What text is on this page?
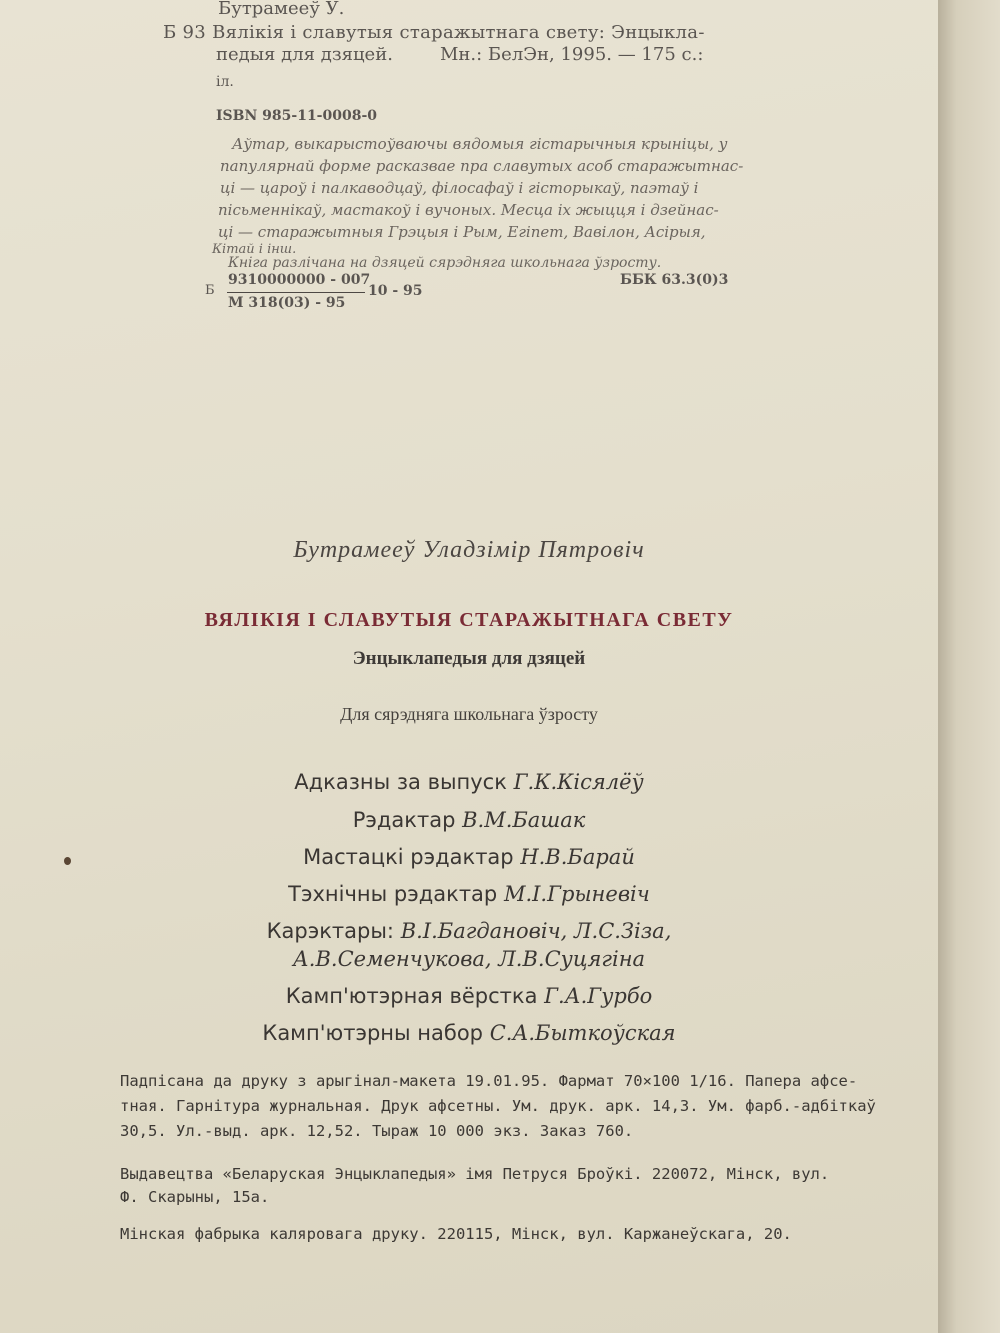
Бутрамееў У.
Б 93 Вялікія і славутыя старажытнага свету: Энцыкла-
педыя для дзяцей.	Мн.: БелЭн, 1995. — 175 с.:
іл.
ISBN 985-11-0008-0
Аўтар, выкарыстоўваючы вядомыя гістарычныя крыніцы, у
папулярнай форме расказвае пра славутых асоб старажытнас-
ці — цароў і палкаводцаў, філосафаў і гісторыкаў, паэтаў і
пісьменнікаў, мастакоў і вучоных. Месца іх жыцця і дзейнас-
ці — старажытныя Грэцыя і Рым, Егіпет, Вавілон, Асірыя,
Кітай і інш.
Кніга разлічана на дзяцей сярэдняга школьнага ўзросту.
Б
9310000000 - 007
М 318(03) - 95
10 - 95
ББК 63.3(0)3
Бутрамееў Уладзімір Пятровіч
ВЯЛІКІЯ І СЛАВУТЫЯ СТАРАЖЫТНАГА СВЕТУ
Энцыклапедыя для дзяцей
Для сярэдняга школьнага ўзросту
Адказны за выпуск Г.К.Кісялёў
Рэдактар В.М.Башак
Мастацкі рэдактар Н.В.Барай
Тэхнічны рэдактар М.І.Грыневіч
Карэктары: В.І.Багдановіч, Л.С.Зіза,
А.В.Семенчукова, Л.В.Суцягіна
Камп'ютэрная вёрстка Г.А.Гурбо
Камп'ютэрны набор С.А.Быткоўская
Падпісана да друку з арыгінал-макета 19.01.95. Фармат 70×100 1/16. Папера афсе-
тная. Гарнітура журнальная. Друк афсетны. Ум. друк. арк. 14,3. Ум. фарб.-адбіткаў
30,5. Ул.-выд. арк. 12,52. Тыраж 10 000 экз. Заказ 760.
Выдавецтва «Беларуская Энцыклапедыя» імя Петруся Броўкі. 220072, Мінск, вул.
Ф. Скарыны, 15а.
Мінская фабрыка каляровага друку. 220115, Мінск, вул. Каржанеўскага, 20.
